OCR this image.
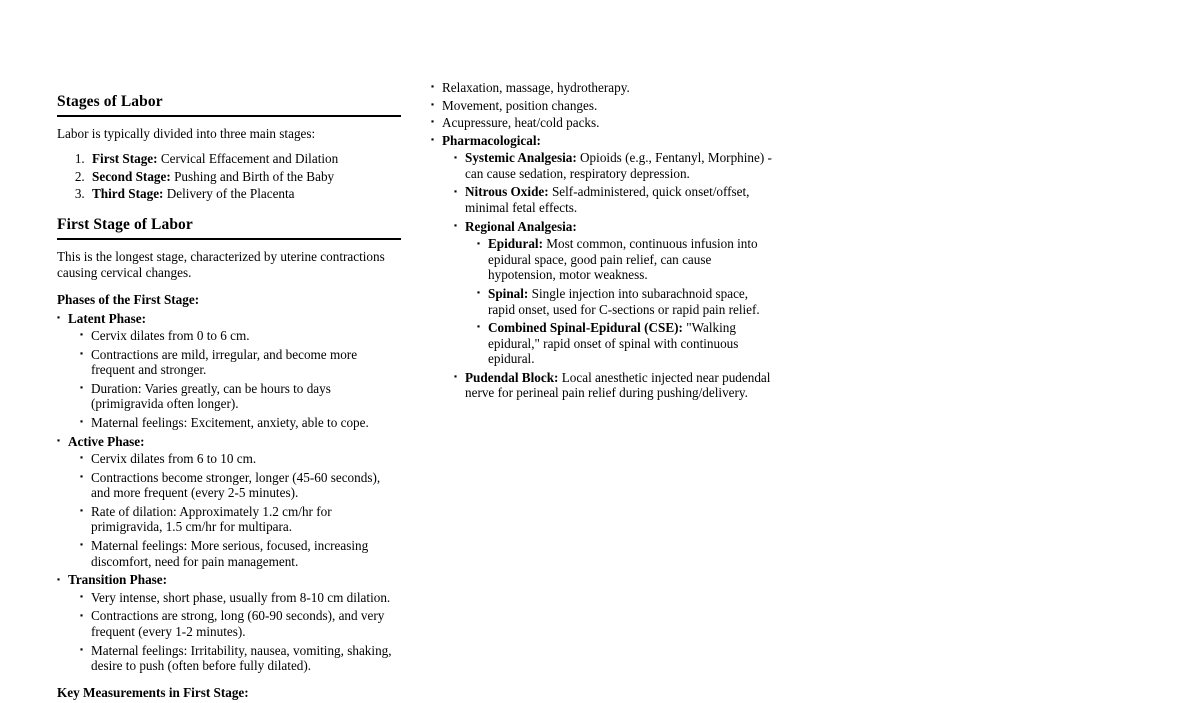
Stages of Labor

Labor is typically divided into three main stages:

1. First Stage: Cervical Effacement and Dilation
2. Second Stage: Pushing and Birth of the Baby
3. Third Stage: Delivery of the Placenta
First Stage of Labor

This is the longest stage, characterized by uterine contractions causing cervical changes.

Phases of the First Stage:
▪ Latent Phase:
▪ Cervix dilates from 0 to 6 cm.
▪ Contractions are mild, irregular, and become more frequent and stronger.
▪ Duration: Varies greatly, can be hours to days (primigravida often longer).
▪ Maternal feelings: Excitement, anxiety, able to cope.
▪ Active Phase:
▪ Cervix dilates from 6 to 10 cm.
▪ Contractions become stronger, longer (45-60 seconds), and more frequent (every 2-5 minutes).
▪ Rate of dilation: Approximately 1.2 cm/hr for primigravida, 1.5 cm/hr for multipara.
▪ Maternal feelings: More serious, focused, increasing discomfort, need for pain management.
▪ Transition Phase:
▪ Very intense, short phase, usually from 8-10 cm dilation.
▪ Contractions are strong, long (60-90 seconds), and very frequent (every 1-2 minutes).
▪ Maternal feelings: Irritability, nausea, vomiting, shaking, desire to push (often before fully dilated).
Key Measurements in First Stage:
▪ Relaxation, massage, hydrotherapy.
▪ Movement, position changes.
▪ Acupressure, heat/cold packs.
▪ Pharmacological:
▪ Systemic Analgesia: Opioids (e.g., Fentanyl, Morphine) - can cause sedation, respiratory depression.
▪ Nitrous Oxide: Self-administered, quick onset/offset, minimal fetal effects.
▪ Regional Analgesia:
▪ Epidural: Most common, continuous infusion into epidural space, good pain relief, can cause hypotension, motor weakness.
▪ Spinal: Single injection into subarachnoid space, rapid onset, used for C-sections or rapid pain relief.
▪ Combined Spinal-Epidural (CSE): "Walking epidural," rapid onset of spinal with continuous epidural.
▪ Pudendal Block: Local anesthetic injected near pudendal nerve for perineal pain relief during pushing/delivery.
